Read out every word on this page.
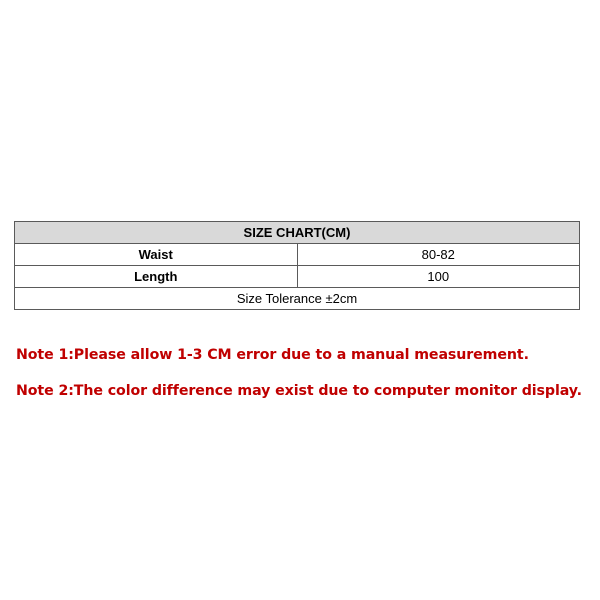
SIZE CHART(CM)	
Waist	80-82
Length	100
Size Tolerance ±2cm	

Note 1:Please allow 1-3 CM error due to a manual measurement.

Note 2:The color difference may exist due to computer monitor display.
